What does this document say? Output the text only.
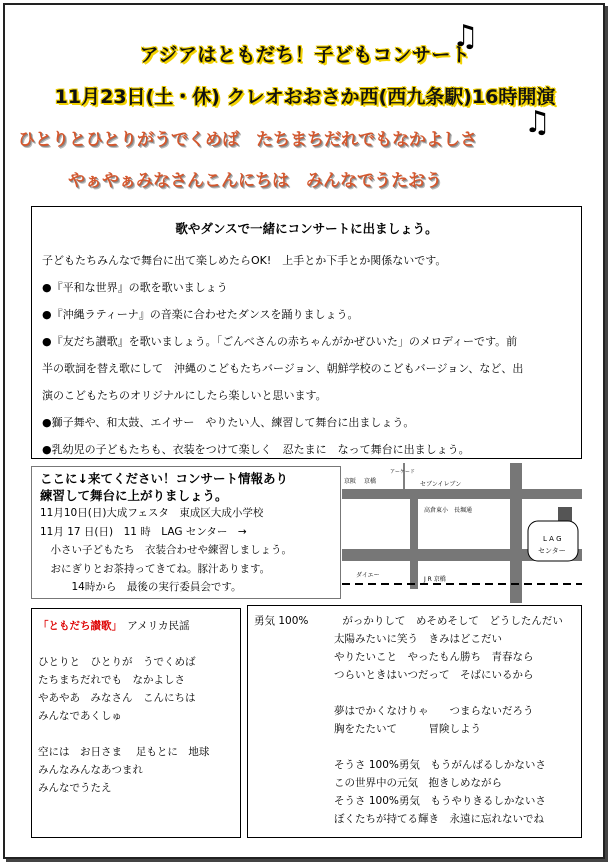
アジアはともだち！子どもコンサート
♫
11月23日(土・休) クレオおおさか西(西九条駅)16時開演
ひとりとひとりがうでくめば　たちまちだれでもなかよしさ	♫
やぁやぁみなさんこんにちは　みんなでうたおう
歌やダンスで一緒にコンサートに出ましょう。

子どもたちみんなで舞台に出て楽しめたらOK!　上手とか下手とか関係ないです。

●『平和な世界』の歌を歌いましょう

●『沖縄ラティーナ』の音楽に合わせたダンスを踊りましょう。

●『友だち讃歌』を歌いましょう。「ごんべさんの赤ちゃんがかぜひいた」のメロディーです。前

半の歌詞を替え歌にして　沖縄のこどもたちバージョン、朝鮮学校のこどもバージョン、など、出

演のこどもたちのオリジナルにしたら楽しいと思います。

●獅子舞や、和太鼓、エイサー　やりたい人、練習して舞台に出ましょう。

●乳幼児の子どもたちも、衣装をつけて楽しく　忍たまに　なって舞台に出ましょう。

ここに↓来てください！コンサート情報あり
練習して舞台に上がりましょう。
11月10日(日)大成フェスタ　東成区大成小学校
11月 17 日(日)　11 時　LAG センター　→
　小さい子どもたち　衣装合わせや練習しましょう。
　おにぎりとお茶持ってきてね。豚汁あります。
　　　14時から　最後の実行委員会です。
京阪 京橋	セブンイレブン
高倉東小 長堀通
L A G
センター
ダイエー
J R 京橋
アーケード
「ともだち讃歌」　 アメリカ民謡
ひとりと　ひとりが　うでくめば
たちまちだれでも　なかよしさ
やあやあ　みなさん　こんにちは
みんなであくしゅ
空には　お日さま　 足もとに　地球
みんなみんなあつまれ
みんなでうたえ
勇気 100%	がっかりして　めそめそして　どうしたんだい
太陽みたいに笑う　きみはどこだい
やりたいこと　やったもん勝ち　青春なら
つらいときはいつだって　そばにいるから
夢はでかくなけりゃ　　つまらないだろう
胸をたたいて　　　冒険しよう
そうさ 100%勇気　もうがんばるしかないさ
この世界中の元気　抱きしめながら
そうさ 100%勇気　もうやりきるしかないさ
ぼくたちが持てる輝き　永遠に忘れないでね
